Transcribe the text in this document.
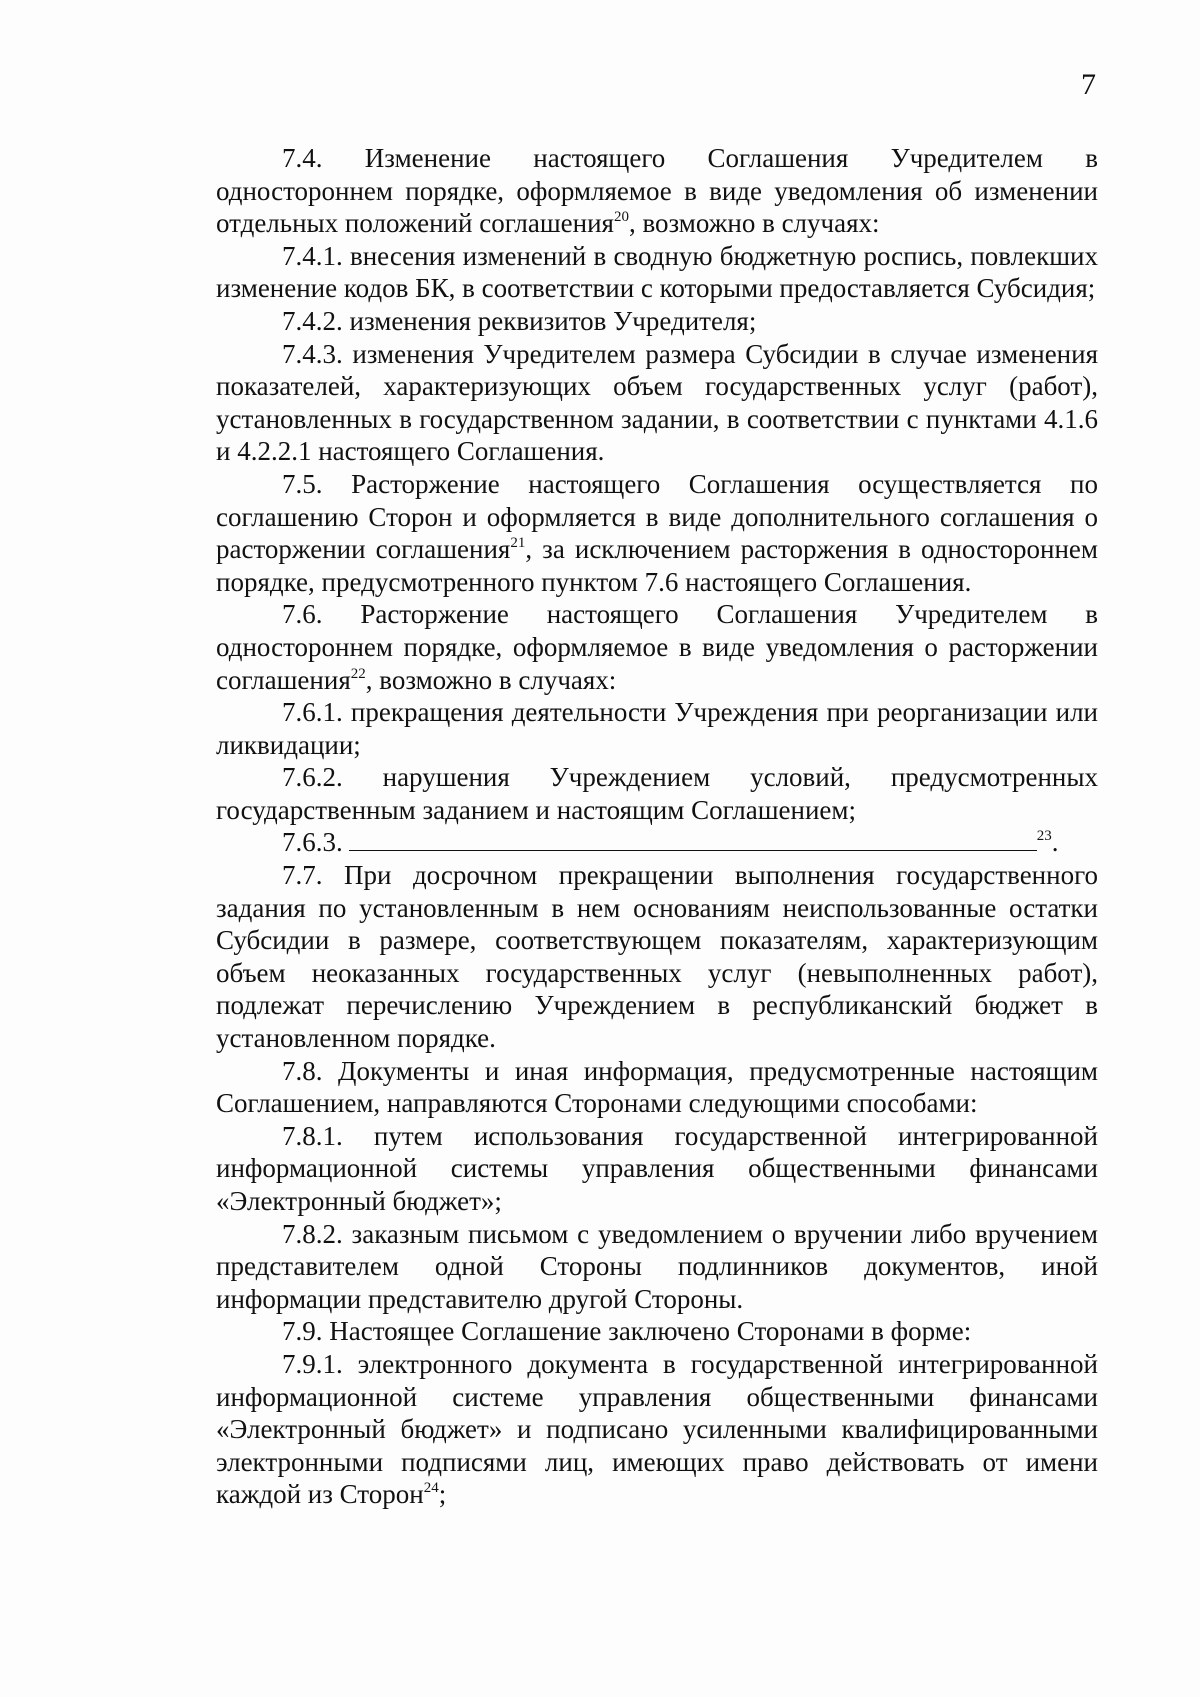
7

7.4. Изменение настоящего Соглашения Учредителем в одностороннем порядке, оформляемое в виде уведомления об изменении отдельных положений соглашения$^{20}$, возможно в случаях:

7.4.1. внесения изменений в сводную бюджетную роспись, повлекших изменение кодов БК, в соответствии с которыми предоставляется Субсидия;

7.4.2. изменения реквизитов Учредителя;

7.4.3. изменения Учредителем размера Субсидии в случае изменения показателей, характеризующих объем государственных услуг (работ), установленных в государственном задании, в соответствии с пунктами 4.1.6 и 4.2.2.1 настоящего Соглашения.

7.5. Расторжение настоящего Соглашения осуществляется по соглашению Сторон и оформляется в виде дополнительного соглашения о расторжении соглашения$^{21}$, за исключением расторжения в одностороннем порядке, предусмотренного пунктом 7.6 настоящего Соглашения.

7.6. Расторжение настоящего Соглашения Учредителем в одностороннем порядке, оформляемое в виде уведомления о расторжении соглашения$^{22}$, возможно в случаях:

7.6.1. прекращения деятельности Учреждения при реорганизации или ликвидации;

7.6.2. нарушения Учреждением условий, предусмотренных государственным заданием и настоящим Соглашением;

7.6.3.	$^{23}$.

7.7. При досрочном прекращении выполнения государственного задания по установленным в нем основаниям неиспользованные остатки Субсидии в размере, соответствующем показателям, характеризующим объем неоказанных государственных услуг (невыполненных работ), подлежат перечислению Учреждением в республиканский бюджет в установленном порядке.

7.8. Документы и иная информация, предусмотренные настоящим Соглашением, направляются Сторонами следующими способами:

7.8.1. путем использования государственной интегрированной информационной системы управления общественными финансами «Электронный бюджет»;

7.8.2. заказным письмом с уведомлением о вручении либо вручением представителем одной Стороны подлинников документов, иной информации представителю другой Стороны.

7.9. Настоящее Соглашение заключено Сторонами в форме:

7.9.1. электронного документа в государственной интегрированной информационной системе управления общественными финансами «Электронный бюджет» и подписано усиленными квалифицированными электронными подписями лиц, имеющих право действовать от имени каждой из Сторон$^{24}$;
